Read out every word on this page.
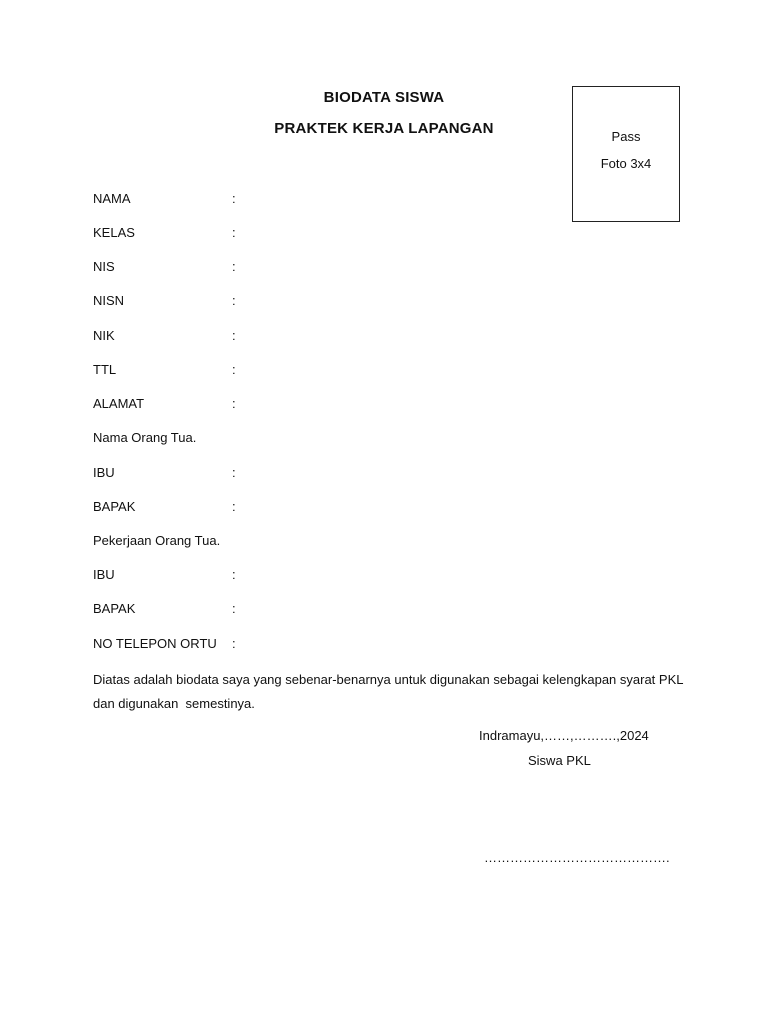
BIODATA SISWA
PRAKTEK KERJA LAPANGAN	Pass
Foto 3x4
NAMA	:
KELAS	:
NIS	:
NISN	:
NIK	:
TTL	:
ALAMAT	:
Nama Orang Tua.
IBU	:
BAPAK	:
Pekerjaan Orang Tua.
IBU	:
BAPAK	:
NO TELEPON ORTU :
Diatas adalah biodata saya yang sebenar-benarnya untuk digunakan sebagai kelengkapan syarat PKL
dan digunakan  semestinya.
Indramayu,……,……….,2024
Siswa PKL
…………………………………….
